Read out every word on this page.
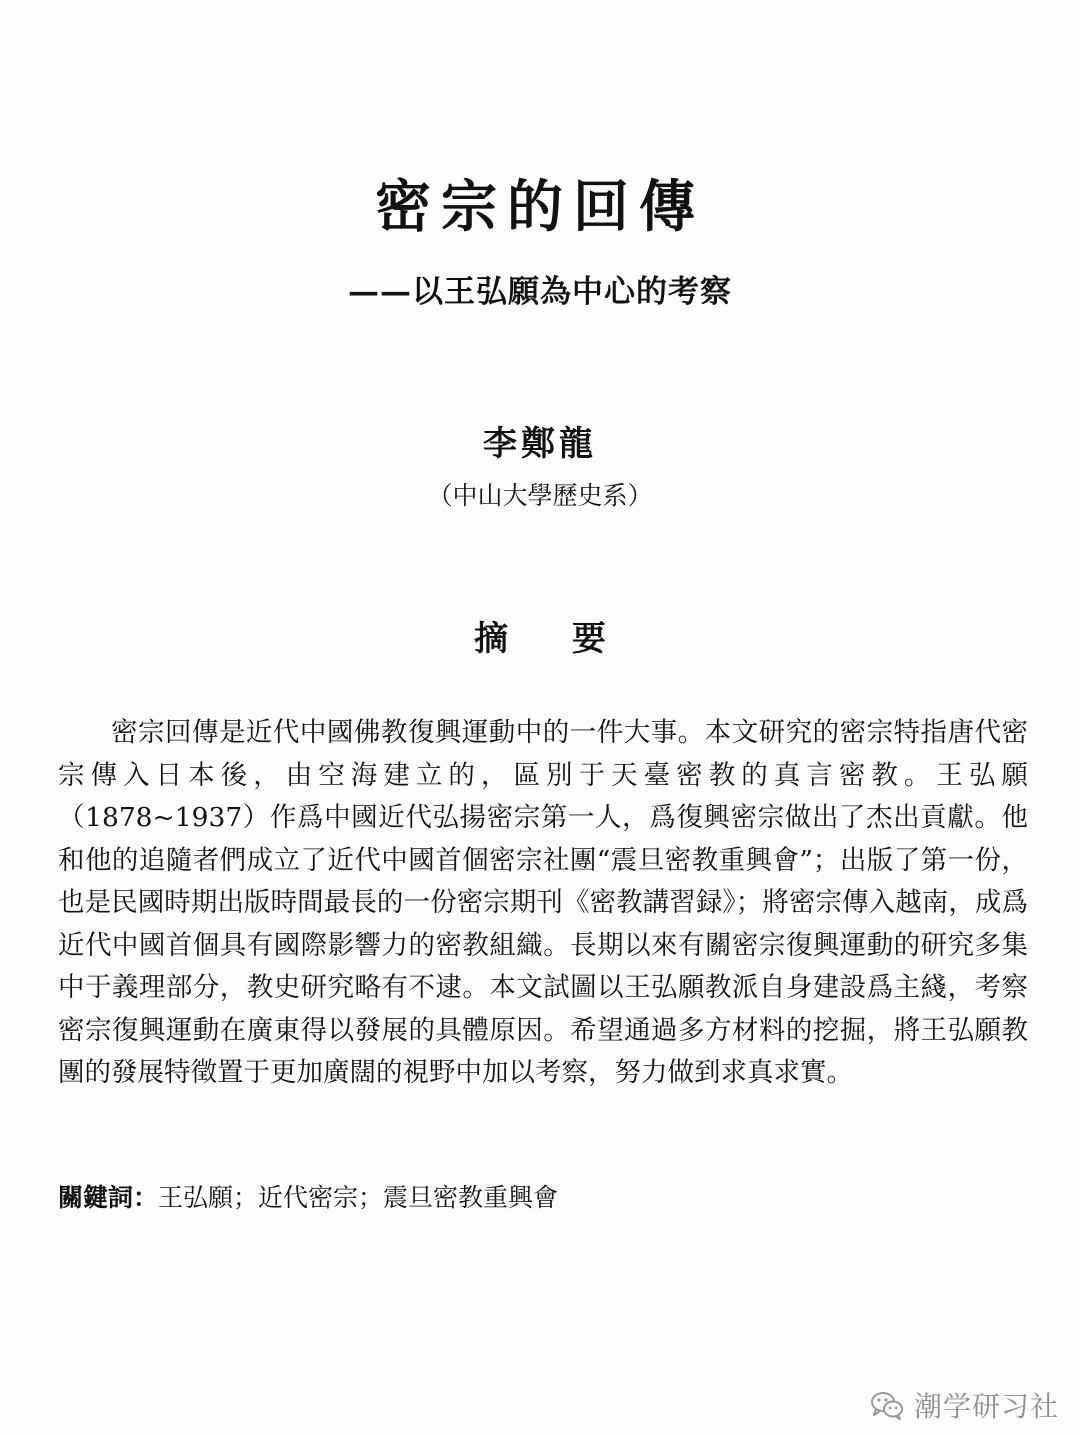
密宗的回傳
——以王弘願為中心的考察
李鄭龍
（中山大學歷史系）
摘 要

密宗回傳是近代中國佛教復興運動中的一件大事。本文研究的密宗特指唐代密宗傳入日本後，由空海建立的，區別于天臺密教的真言密教。王弘願（1878~1937）作爲中國近代弘揚密宗第一人，爲復興密宗做出了杰出貢獻。他和他的追隨者們成立了近代中國首個密宗社團“震旦密教重興會”；出版了第一份，也是民國時期出版時間最長的一份密宗期刊《密教講習録》；將密宗傳入越南，成爲近代中國首個具有國際影響力的密教組織。長期以來有關密宗復興運動的研究多集中于義理部分，教史研究略有不逮。本文試圖以王弘願教派自身建設爲主綫，考察密宗復興運動在廣東得以發展的具體原因。希望通過多方材料的挖掘，將王弘願教團的發展特徵置于更加廣闊的視野中加以考察，努力做到求真求實。

關鍵詞：王弘願；近代密宗；震旦密教重興會
潮学研习社
